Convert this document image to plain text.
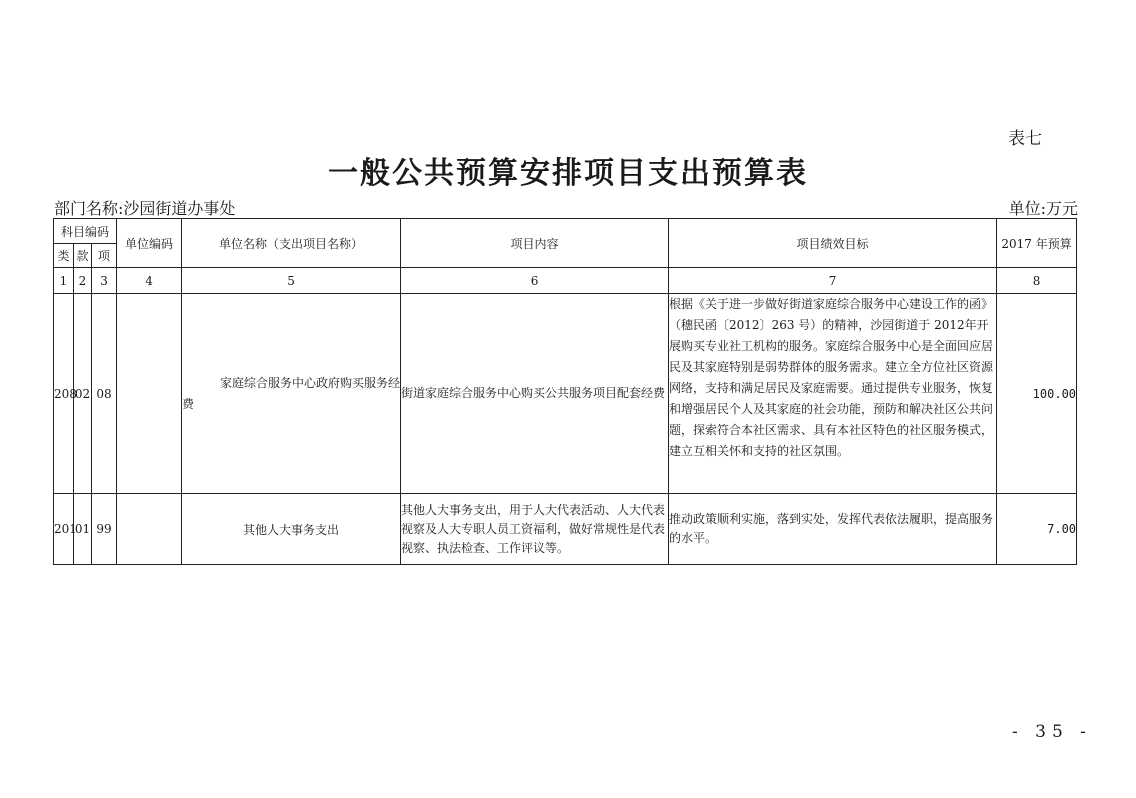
表七
一般公共预算安排项目支出预算表
部门名称:沙园街道办事处	单位:万元
科目编码			单位编码	单位名称（支出项目名称）	项目内容	项目绩效目标	2017 年预算
类	款	项					
1	2	3	4	5	6	7	8
208	02	08		家庭综合服务中心政府购买服务经费	街道家庭综合服务中心购买公共服务项目配套经费	根据《关于进一步做好街道家庭综合服务中心建设工作的函》（穗民函〔2012〕263 号）的精神，沙园街道于 2012年开展购买专业社工机构的服务。家庭综合服务中心是全面回应居民及其家庭特别是弱势群体的服务需求。建立全方位社区资源网络，支持和满足居民及家庭需要。通过提供专业服务，恢复和增强居民个人及其家庭的社会功能，预防和解决社区公共问题，探索符合本社区需求、具有本社区特色的社区服务模式，建立互相关怀和支持的社区氛围。	100.00
201	01	99		其他人大事务支出	其他人大事务支出，用于人大代表活动、人大代表视察及人大专职人员工资福利，做好常规性是代表视察、执法检查、工作评议等。	推动政策顺利实施，落到实处，发挥代表依法履职，提高服务的水平。	7.00
- 35 -
